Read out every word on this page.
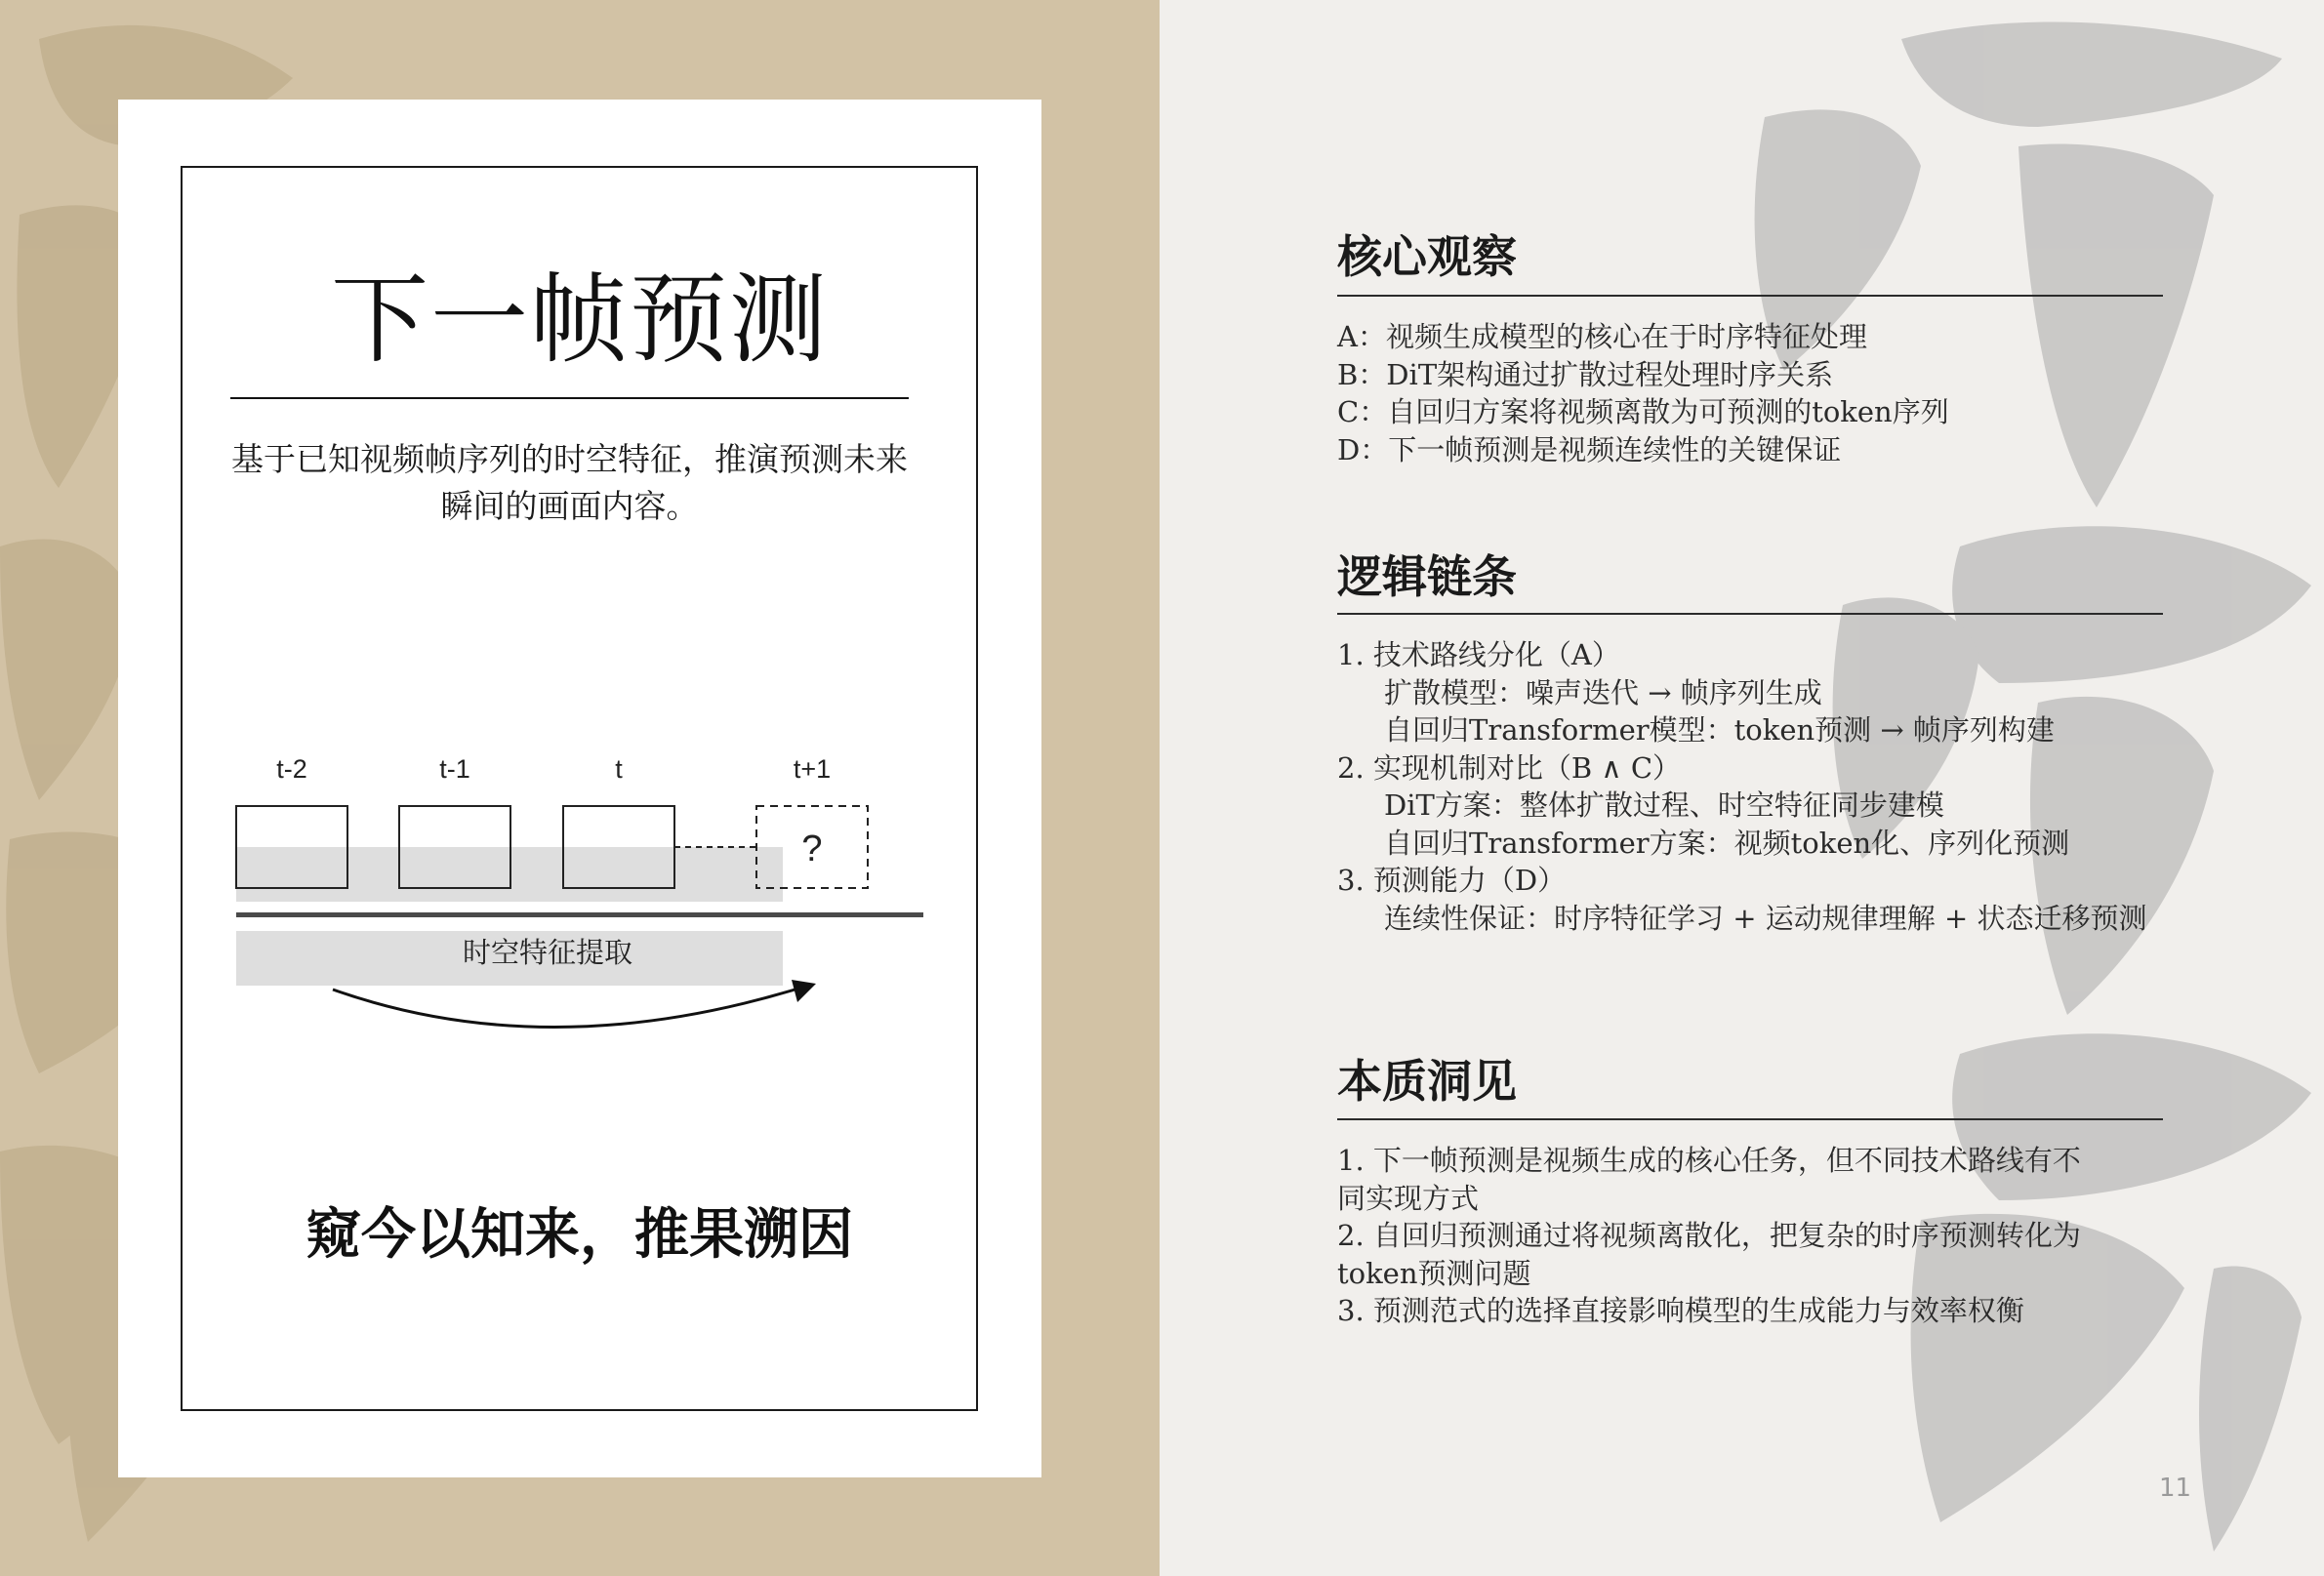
下一帧预测
基于已知视频帧序列的时空特征，推演预测未来瞬间的画面内容。
t-2	t-1	t	t+1
?
时空特征提取
窥今以知来，推果溯因
核心观察
A：视频生成模型的核心在于时序特征处理
B：DiT架构通过扩散过程处理时序关系
C：自回归方案将视频离散为可预测的token序列
D：下一帧预测是视频连续性的关键保证
逻辑链条
1. 技术路线分化（A）
扩散模型：噪声迭代 → 帧序列生成
自回归Transformer模型：token预测 → 帧序列构建
2. 实现机制对比（B ∧ C）
DiT方案：整体扩散过程、时空特征同步建模
自回归Transformer方案：视频token化、序列化预测
3. 预测能力（D）
连续性保证：时序特征学习 + 运动规律理解 + 状态迁移预测
本质洞见
1. 下一帧预测是视频生成的核心任务，但不同技术路线有不同实现方式
2. 自回归预测通过将视频离散化，把复杂的时序预测转化为token预测问题
3. 预测范式的选择直接影响模型的生成能力与效率权衡
11
